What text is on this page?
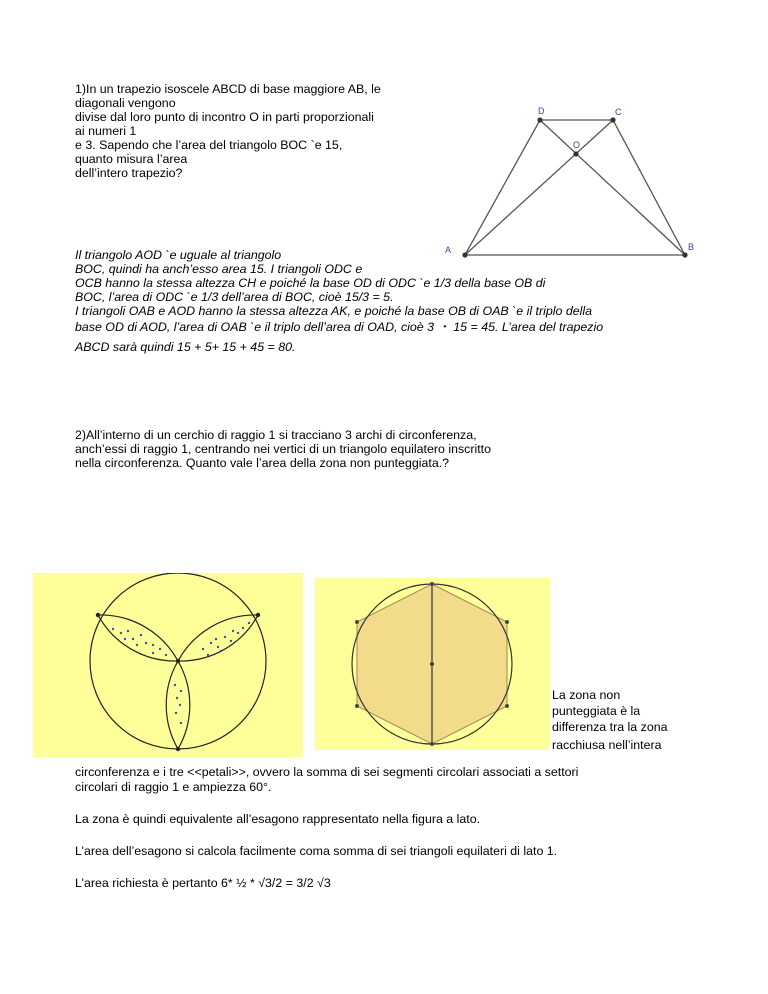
1)In un trapezio isoscele ABCD di base maggiore AB, le
diagonali vengono
divise dal loro punto di incontro O in parti proporzionali
ai numeri 1
e 3. Sapendo che l’area del triangolo BOC `e 15,
quanto misura l’area
dell’intero trapezio?
A	B
C
D
O
Il triangolo AOD `e uguale al triangolo
BOC, quindi ha anch’esso area 15. I triangoli ODC e
OCB hanno la stessa altezza CH e poiché la base OD di ODC `e 1/3 della base OB di
BOC, l’area di ODC `e 1/3 dell’area di BOC, cioè 15/3 = 5.
I triangoli OAB e AOD hanno la stessa altezza AK, e poiché la base OB di OAB `e il triplo della
base OD di AOD, l’area di OAB `e il triplo dell’area di OAD, cioè 3 ・ 15 = 45. L’area del trapezio
ABCD sarà quindi 15 + 5+ 15 + 45 = 80.
2)All’interno di un cerchio di raggio 1 si tracciano 3 archi di circonferenza,
anch’essi di raggio 1, centrando nei vertici di un triangolo equilatero inscritto
nella circonferenza. Quanto vale l’area della zona non punteggiata.?
La zona non
punteggiata è la
differenza tra la zona
racchiusa nell’intera
circonferenza e i tre <<petali>>, ovvero la somma di sei segmenti circolari associati a settori
circolari di raggio 1 e ampiezza 60°.
La zona è quindi equivalente all’esagono rappresentato nella figura a lato.
L’area dell’esagono si calcola facilmente coma somma di sei triangoli equilateri di lato 1.
L’area richiesta è pertanto 6* ½ * √3/2 = 3/2 √3
